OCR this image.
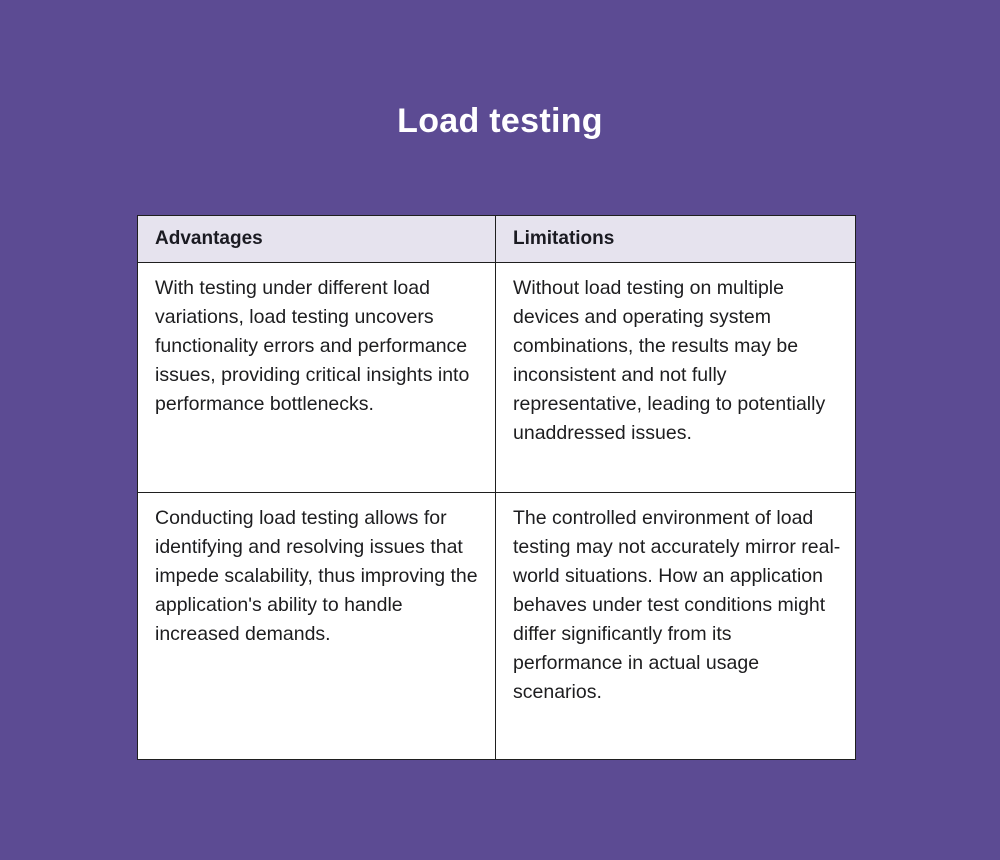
Load testing
Advantages	Limitations
With testing under different load variations, load testing uncovers functionality errors and performance issues, providing critical insights into performance bottlenecks.	Without load testing on multiple devices and operating system combinations, the results may be inconsistent and not fully representative, leading to potentially unaddressed issues.
Conducting load testing allows for identifying and resolving issues that impede scalability, thus improving the application's ability to handle increased demands.	The controlled environment of load testing may not accurately mirror real-world situations. How an application behaves under test conditions might differ significantly from its performance in actual usage scenarios.
